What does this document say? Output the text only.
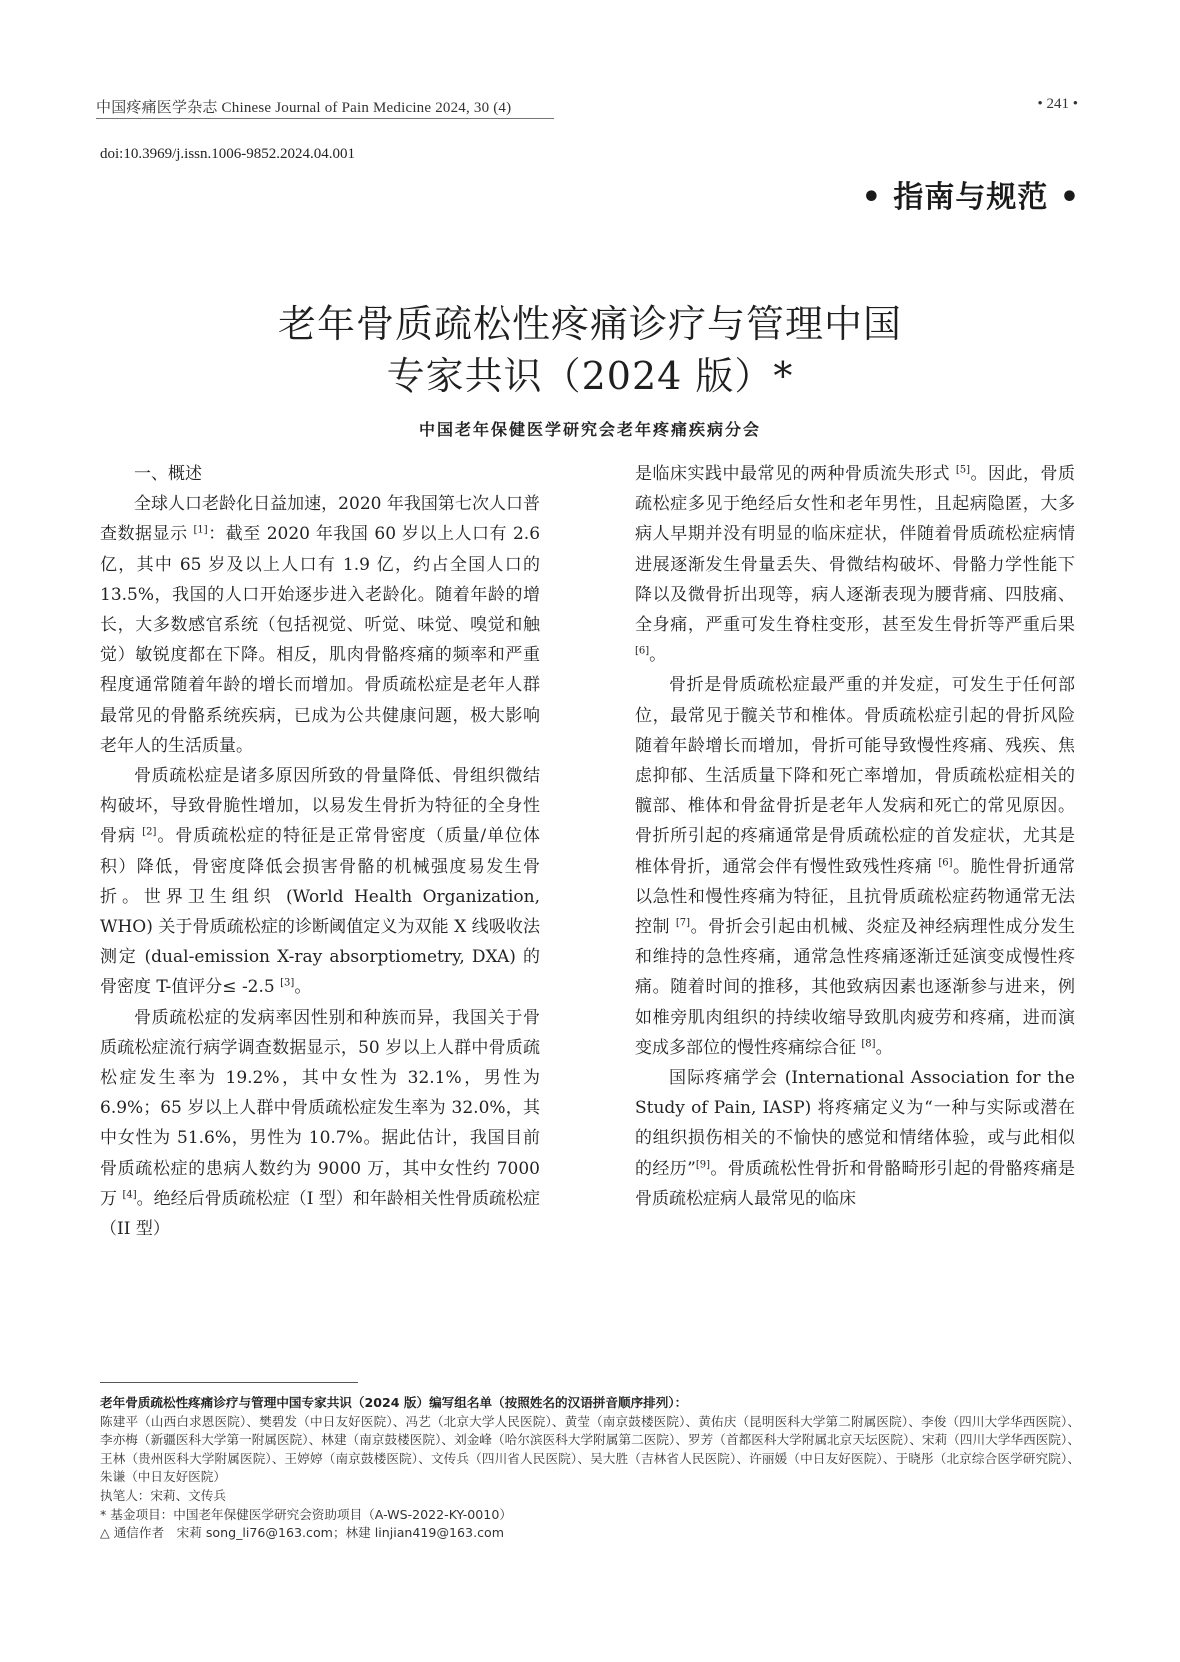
中国疼痛医学杂志 Chinese Journal of Pain Medicine 2024, 30 (4)	• 241 •
doi:10.3969/j.issn.1006-9852.2024.04.001
• 指南与规范 •
老年骨质疏松性疼痛诊疗与管理中国
专家共识（2024 版）*
中国老年保健医学研究会老年疼痛疾病分会

一、概述

全球人口老龄化日益加速，2020 年我国第七次人口普查数据显示 [1]：截至 2020 年我国 60 岁以上人口有 2.6 亿，其中 65 岁及以上人口有 1.9 亿，约占全国人口的 13.5%，我国的人口开始逐步进入老龄化。随着年龄的增长，大多数感官系统（包括视觉、听觉、味觉、嗅觉和触觉）敏锐度都在下降。相反，肌肉骨骼疼痛的频率和严重程度通常随着年龄的增长而增加。骨质疏松症是老年人群最常见的骨骼系统疾病，已成为公共健康问题，极大影响老年人的生活质量。

骨质疏松症是诸多原因所致的骨量降低、骨组织微结构破坏，导致骨脆性增加，以易发生骨折为特征的全身性骨病 [2]。骨质疏松症的特征是正常骨密度（质量/单位体积）降低，骨密度降低会损害骨骼的机械强度易发生骨折。世界卫生组织 (World Health Organization, WHO) 关于骨质疏松症的诊断阈值定义为双能 X 线吸收法测定 (dual-emission X-ray absorptiometry, DXA) 的骨密度 T-值评分≤ -2.5 [3]。

骨质疏松症的发病率因性别和种族而异，我国关于骨质疏松症流行病学调查数据显示，50 岁以上人群中骨质疏松症发生率为 19.2%，其中女性为 32.1%，男性为 6.9%；65 岁以上人群中骨质疏松症发生率为 32.0%，其中女性为 51.6%，男性为 10.7%。据此估计，我国目前骨质疏松症的患病人数约为 9000 万，其中女性约 7000 万 [4]。绝经后骨质疏松症（I 型）和年龄相关性骨质疏松症（II 型）

是临床实践中最常见的两种骨质流失形式 [5]。因此，骨质疏松症多见于绝经后女性和老年男性，且起病隐匿，大多病人早期并没有明显的临床症状，伴随着骨质疏松症病情进展逐渐发生骨量丢失、骨微结构破坏、骨骼力学性能下降以及微骨折出现等，病人逐渐表现为腰背痛、四肢痛、全身痛，严重可发生脊柱变形，甚至发生骨折等严重后果 [6]。

骨折是骨质疏松症最严重的并发症，可发生于任何部位，最常见于髋关节和椎体。骨质疏松症引起的骨折风险随着年龄增长而增加，骨折可能导致慢性疼痛、残疾、焦虑抑郁、生活质量下降和死亡率增加，骨质疏松症相关的髋部、椎体和骨盆骨折是老年人发病和死亡的常见原因。骨折所引起的疼痛通常是骨质疏松症的首发症状，尤其是椎体骨折，通常会伴有慢性致残性疼痛 [6]。脆性骨折通常以急性和慢性疼痛为特征，且抗骨质疏松症药物通常无法控制 [7]。骨折会引起由机械、炎症及神经病理性成分发生和维持的急性疼痛，通常急性疼痛逐渐迁延演变成慢性疼痛。随着时间的推移，其他致病因素也逐渐参与进来，例如椎旁肌肉组织的持续收缩导致肌肉疲劳和疼痛，进而演变成多部位的慢性疼痛综合征 [8]。

国际疼痛学会 (International Association for the Study of Pain, IASP) 将疼痛定义为“一种与实际或潜在的组织损伤相关的不愉快的感觉和情绪体验，或与此相似的经历”[9]。骨质疏松性骨折和骨骼畸形引起的骨骼疼痛是骨质疏松症病人最常见的临床

老年骨质疏松性疼痛诊疗与管理中国专家共识（2024 版）编写组名单（按照姓名的汉语拼音顺序排列）：

陈建平（山西白求恩医院）、樊碧发（中日友好医院）、冯艺（北京大学人民医院）、黄莹（南京鼓楼医院）、黄佑庆（昆明医科大学第二附属医院）、李俊（四川大学华西医院）、李亦梅（新疆医科大学第一附属医院）、林建（南京鼓楼医院）、刘金峰（哈尔滨医科大学附属第二医院）、罗芳（首都医科大学附属北京天坛医院）、宋莉（四川大学华西医院）、王林（贵州医科大学附属医院）、王婷婷（南京鼓楼医院）、文传兵（四川省人民医院）、吴大胜（吉林省人民医院）、许丽媛（中日友好医院）、于晓彤（北京综合医学研究院）、朱谦（中日友好医院）

执笔人：宋莉、文传兵

* 基金项目：中国老年保健医学研究会资助项目（A-WS-2022-KY-0010）

△ 通信作者　宋莉 song_li76@163.com；林建 linjian419@163.com
